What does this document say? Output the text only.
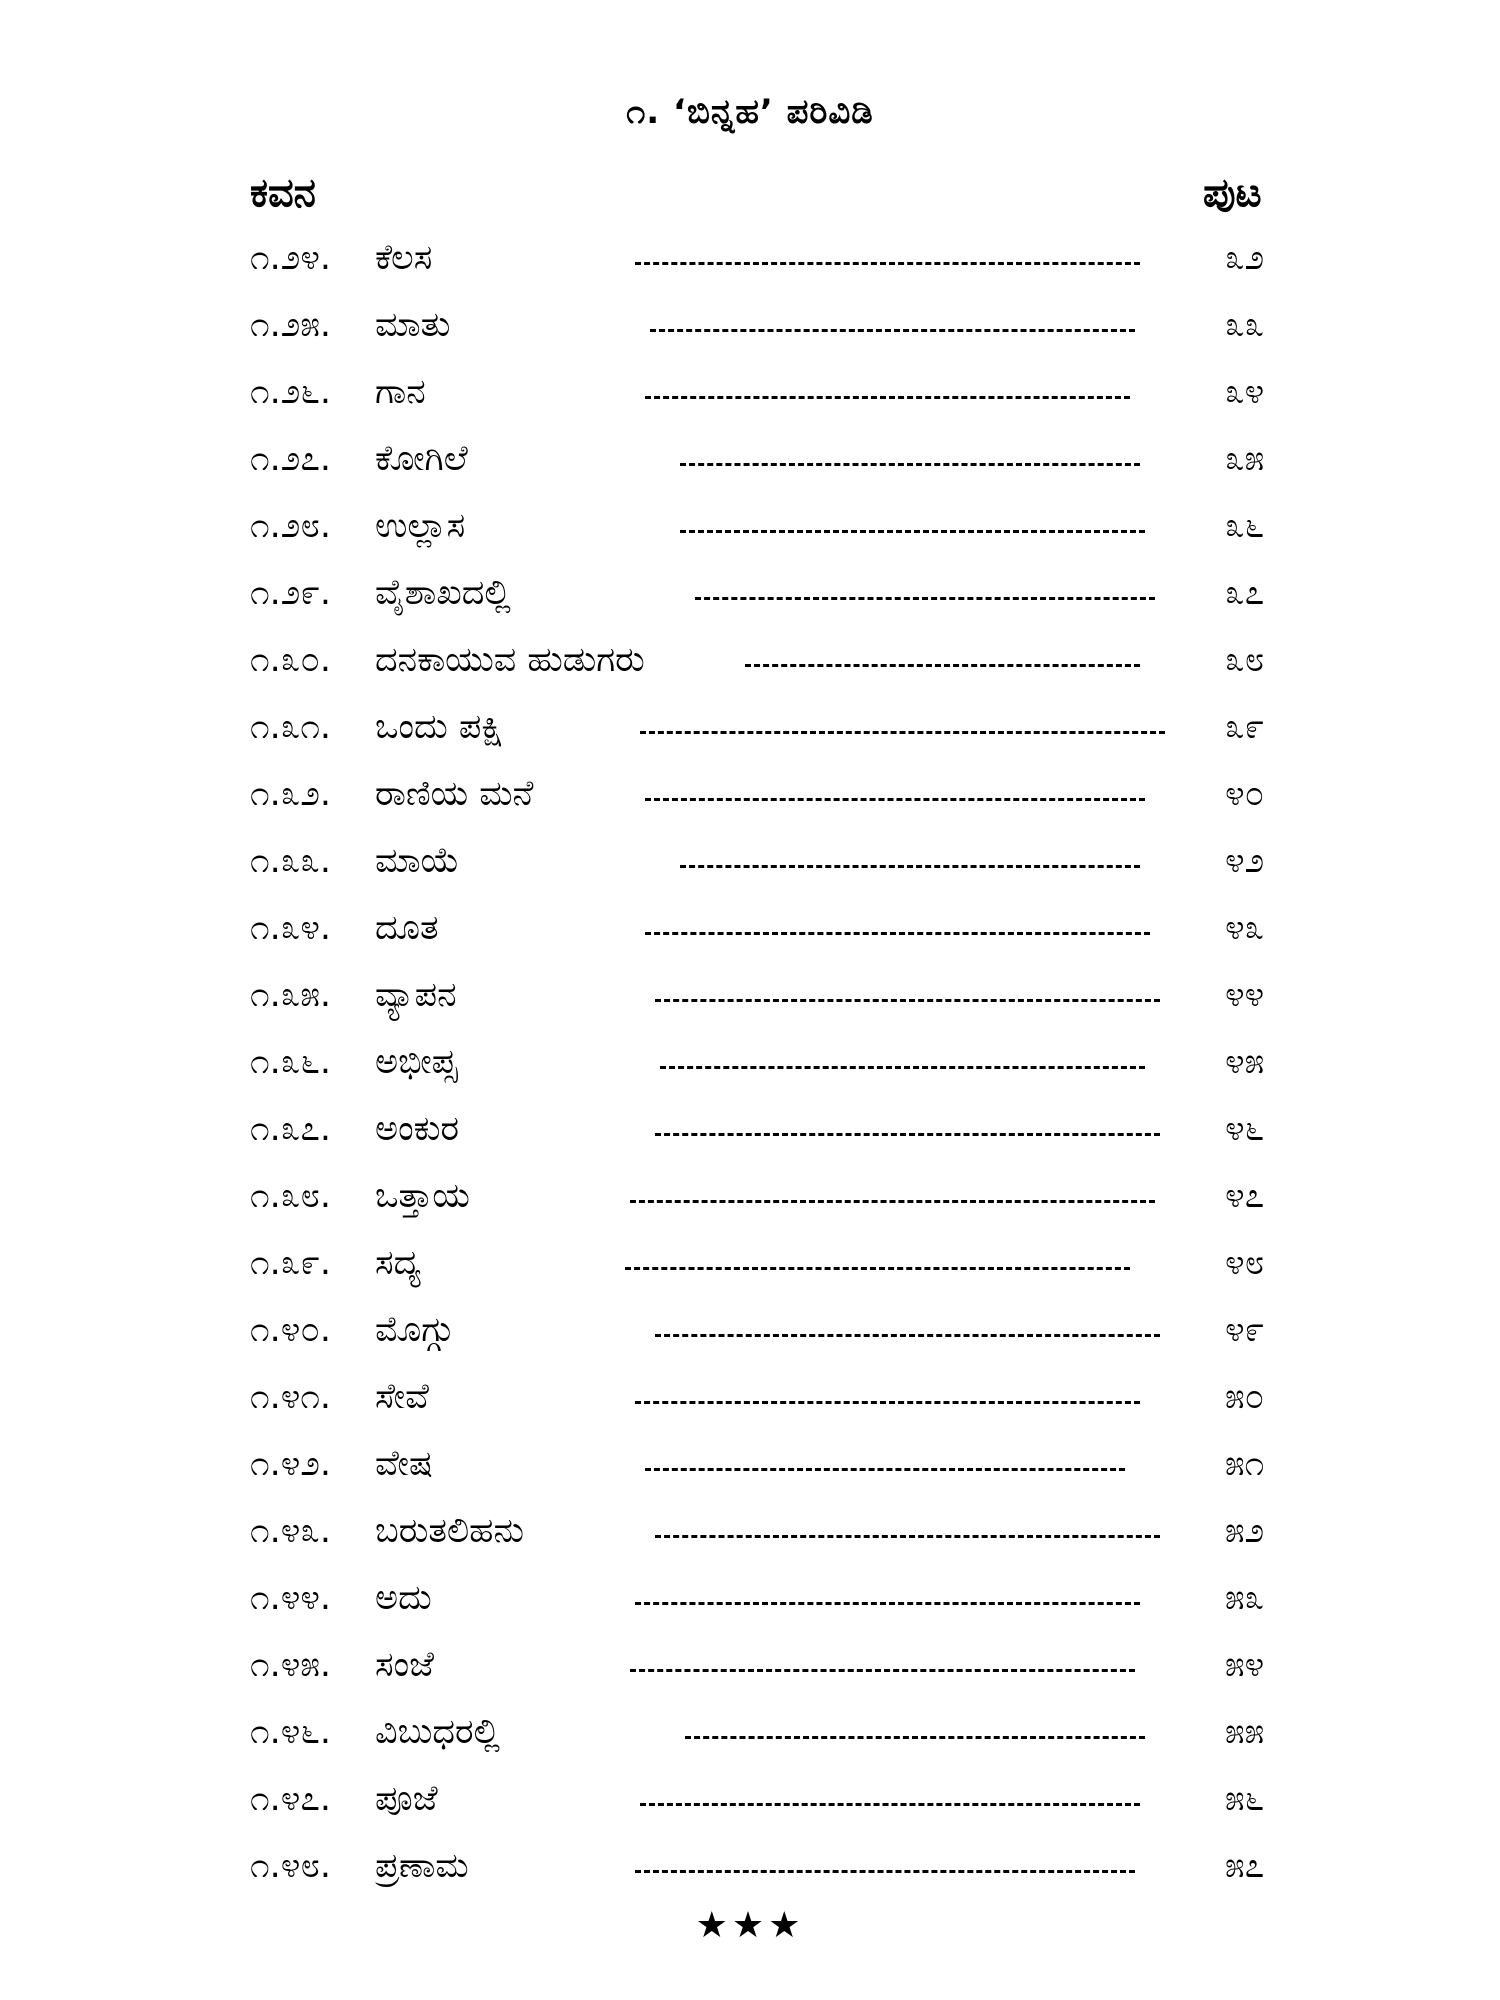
೧. ‘ಬಿನ್ನಹ’ ಪರಿವಿಡಿ
ಕವನ	ಪುಟ
೧.೨೪. ಕೆಲಸ	೩೨
೧.೨೫. ಮಾತು	೩೩
೧.೨೬. ಗಾನ	೩೪
೧.೨೭. ಕೋಗಿಲೆ	೩೫
೧.೨೮. ಉಲ್ಲಾಸ	೩೬
೧.೨೯. ವೈಶಾಖದಲ್ಲಿ	೩೭
೧.೩೦. ದನಕಾಯುವ ಹುಡುಗರು	೩೮
೧.೩೧. ಒಂದು ಪಕ್ಷಿ	೩೯
೧.೩೨. ರಾಣಿಯ ಮನೆ	೪೦
೧.೩೩. ಮಾಯೆ	೪೨
೧.೩೪. ದೂತ	೪೩
೧.೩೫. ವ್ಯಾಪನ	೪೪
೧.೩೬. ಅಭೀಪ್ಸ	೪೫
೧.೩೭. ಅಂಕುರ	೪೬
೧.೩೮. ಒತ್ತಾಯ	೪೭
೧.೩೯. ಸದ್ಯ	೪೮
೧.೪೦. ಮೊಗ್ಗು	೪೯
೧.೪೧. ಸೇವೆ	೫೦
೧.೪೨. ವೇಷ	೫೧
೧.೪೩. ಬರುತಲಿಹನು	೫೨
೧.೪೪. ಅದು	೫೩
೧.೪೫. ಸಂಜೆ	೫೪
೧.೪೬. ವಿಬುಧರಲ್ಲಿ	೫೫
೧.೪೭. ಪೂಜೆ	೫೬
೧.೪೮. ಪ್ರಣಾಮ	೫೭
★★★
